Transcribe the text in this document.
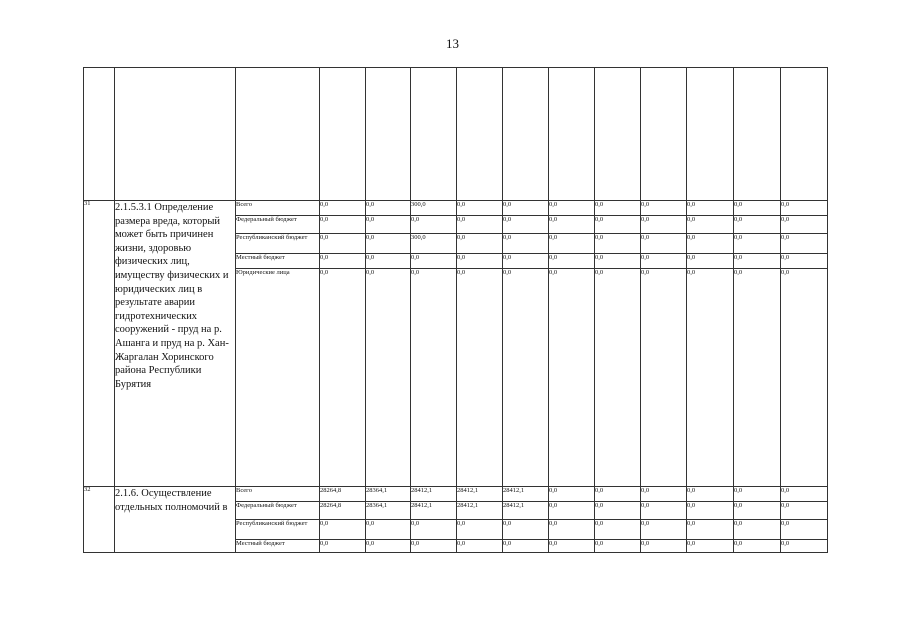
13

31	2.1.5.3.1 Определение размера вреда, который может быть причинен жизни, здоровью физических лиц, имуществу физических и юридических лиц в результате аварии гидротехнических сооружений - пруд на р. Ашанга и пруд на р. Хан-Жаргалан Хоринского района Республики Бурятия	Всего	0,0	0,0	300,0	0,0	0,0	0,0	0,0	0,0	0,0	0,0	0,0
		Федеральный бюджет	0,0	0,0	0,0	0,0	0,0	0,0	0,0	0,0	0,0	0,0	0,0
		Республиканский бюджет	0,0	0,0	300,0	0,0	0,0	0,0	0,0	0,0	0,0	0,0	0,0
		Местный бюджет	0,0	0,0	0,0	0,0	0,0	0,0	0,0	0,0	0,0	0,0	0,0
		Юридические лица	0,0	0,0	0,0	0,0	0,0	0,0	0,0	0,0	0,0	0,0	0,0
32	2.1.6. Осуществление отдельных полномочий в	Всего	28264,8	28364,1	28412,1	28412,1	28412,1	0,0	0,0	0,0	0,0	0,0	0,0
		Федеральный бюджет	28264,8	28364,1	28412,1	28412,1	28412,1	0,0	0,0	0,0	0,0	0,0	0,0
		Республиканский бюджет	0,0	0,0	0,0	0,0	0,0	0,0	0,0	0,0	0,0	0,0	0,0
		Местный бюджет	0,0	0,0	0,0	0,0	0,0	0,0	0,0	0,0	0,0	0,0	0,0
